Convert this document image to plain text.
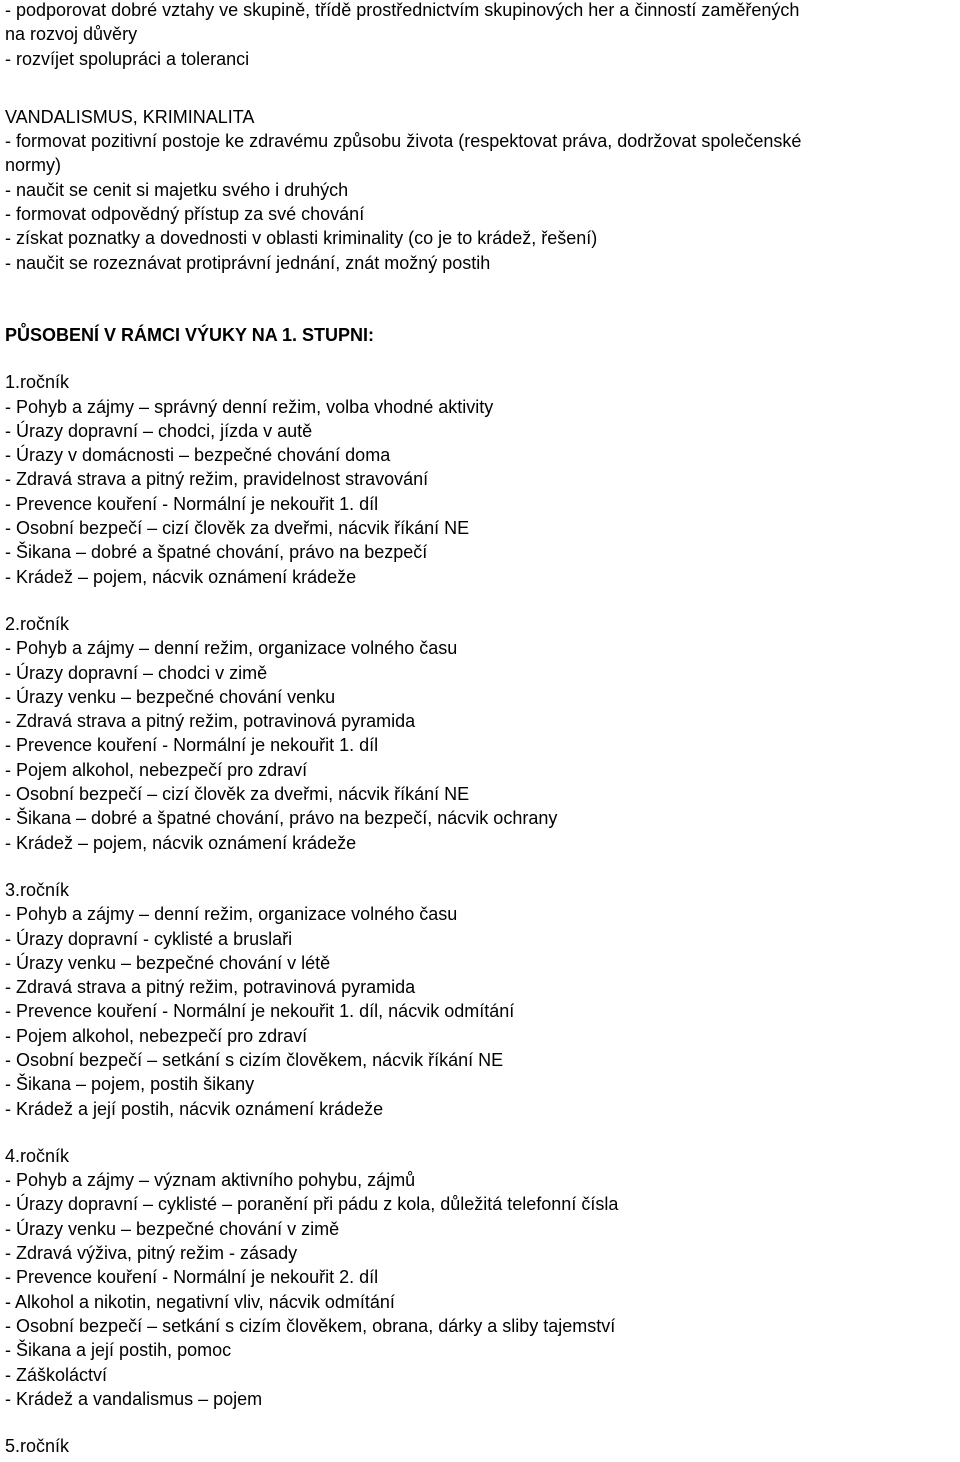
- podporovat dobré vztahy ve skupině, třídě prostřednictvím skupinových her a činností zaměřených
na rozvoj důvěry
- rozvíjet spolupráci a toleranci
VANDALISMUS, KRIMINALITA
- formovat pozitivní postoje ke zdravému způsobu života (respektovat práva, dodržovat společenské
normy)
- naučit se cenit si majetku svého i druhých
- formovat odpovědný přístup za své chování
- získat poznatky a dovednosti v oblasti kriminality (co je to krádež, řešení)
- naučit se rozeznávat protiprávní jednání, znát možný postih
PŮSOBENÍ V RÁMCI VÝUKY NA 1. STUPNI:
1.ročník
- Pohyb a zájmy – správný denní režim, volba vhodné aktivity
- Úrazy dopravní – chodci, jízda v autě
- Úrazy v domácnosti – bezpečné chování doma
- Zdravá strava a pitný režim, pravidelnost stravování
- Prevence kouření - Normální je nekouřit 1. díl
- Osobní bezpečí – cizí člověk za dveřmi, nácvik říkání NE
- Šikana – dobré a špatné chování, právo na bezpečí
- Krádež – pojem, nácvik oznámení krádeže
2.ročník
- Pohyb a zájmy – denní režim, organizace volného času
- Úrazy dopravní – chodci v zimě
- Úrazy venku – bezpečné chování venku
- Zdravá strava a pitný režim, potravinová pyramida
- Prevence kouření - Normální je nekouřit 1. díl
- Pojem alkohol, nebezpečí pro zdraví
- Osobní bezpečí – cizí člověk za dveřmi, nácvik říkání NE
- Šikana – dobré a špatné chování, právo na bezpečí, nácvik ochrany
- Krádež – pojem, nácvik oznámení krádeže
3.ročník
- Pohyb a zájmy – denní režim, organizace volného času
- Úrazy dopravní - cyklisté a bruslaři
- Úrazy venku – bezpečné chování v létě
- Zdravá strava a pitný režim, potravinová pyramida
- Prevence kouření - Normální je nekouřit 1. díl, nácvik odmítání
- Pojem alkohol, nebezpečí pro zdraví
- Osobní bezpečí – setkání s cizím člověkem, nácvik říkání NE
- Šikana – pojem, postih šikany
- Krádež a její postih, nácvik oznámení krádeže
4.ročník
- Pohyb a zájmy – význam aktivního pohybu, zájmů
- Úrazy dopravní – cyklisté – poranění při pádu z kola, důležitá telefonní čísla
- Úrazy venku – bezpečné chování v zimě
- Zdravá výživa, pitný režim - zásady
- Prevence kouření - Normální je nekouřit 2. díl
- Alkohol a nikotin, negativní vliv, nácvik odmítání
- Osobní bezpečí – setkání s cizím člověkem, obrana, dárky a sliby tajemství
- Šikana a její postih, pomoc
- Záškoláctví
- Krádež a vandalismus – pojem
5.ročník
